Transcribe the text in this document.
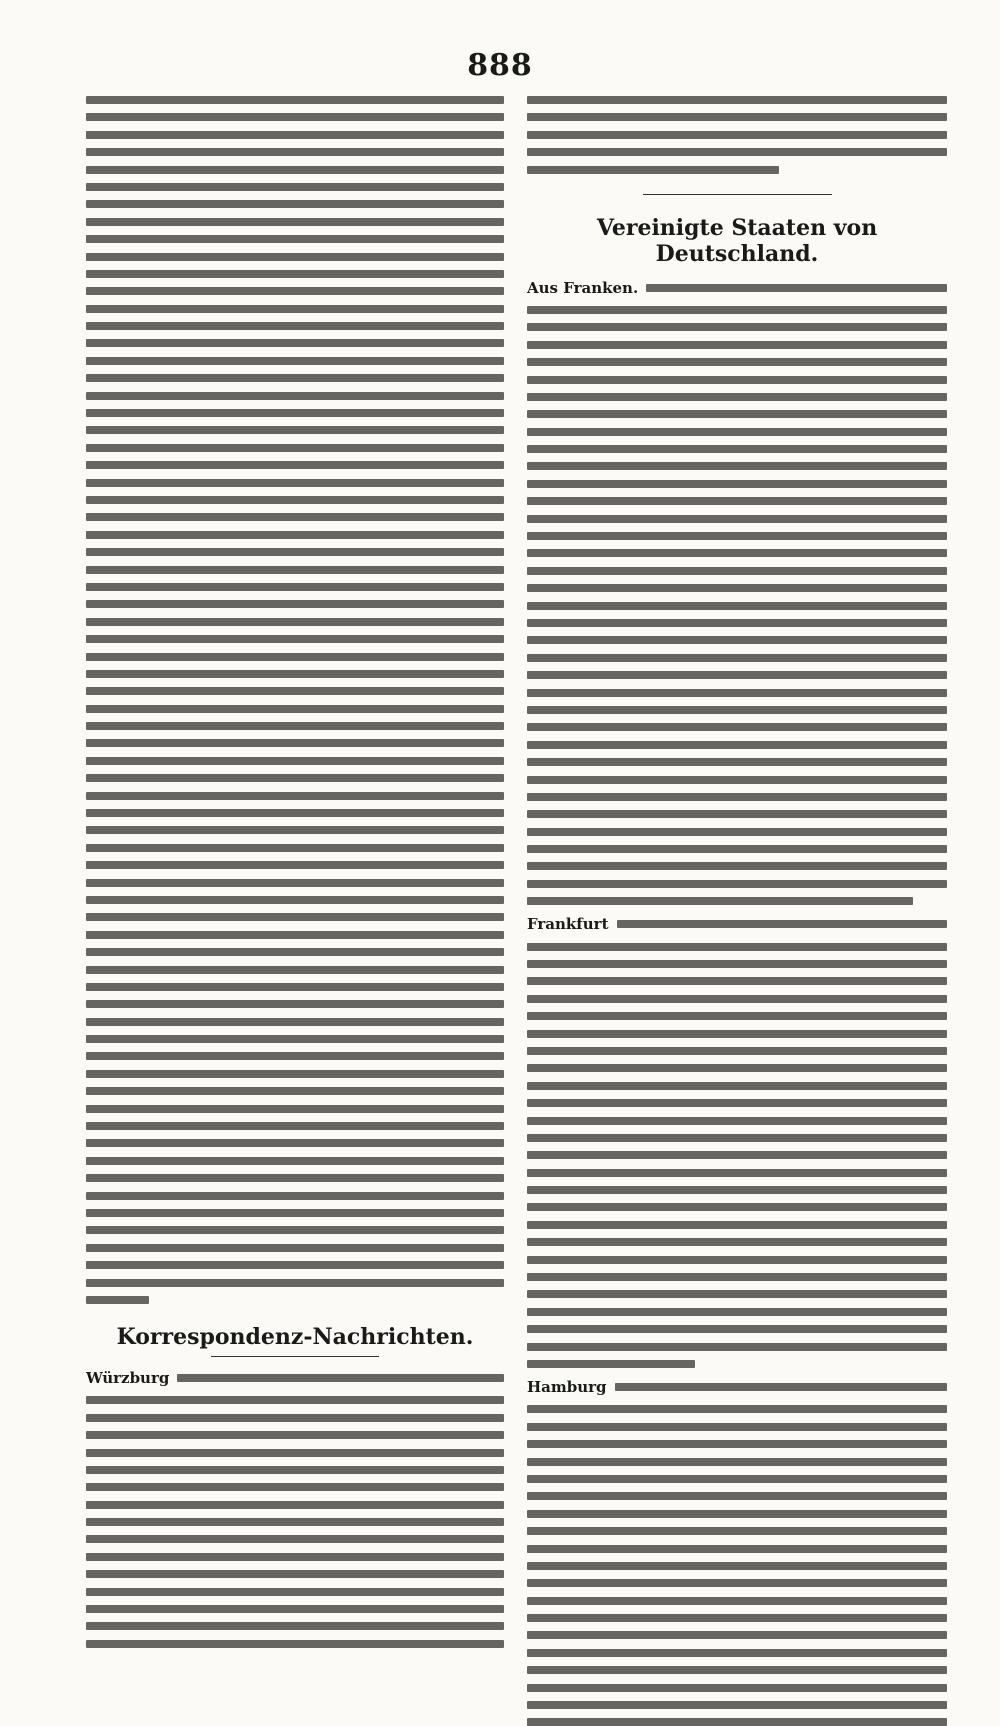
888
Korrespondenz-Nachrichten.
Würzburg
Vereinigte Staaten von Deutschland.
Aus Franken.
Frankfurt
Hamburg
